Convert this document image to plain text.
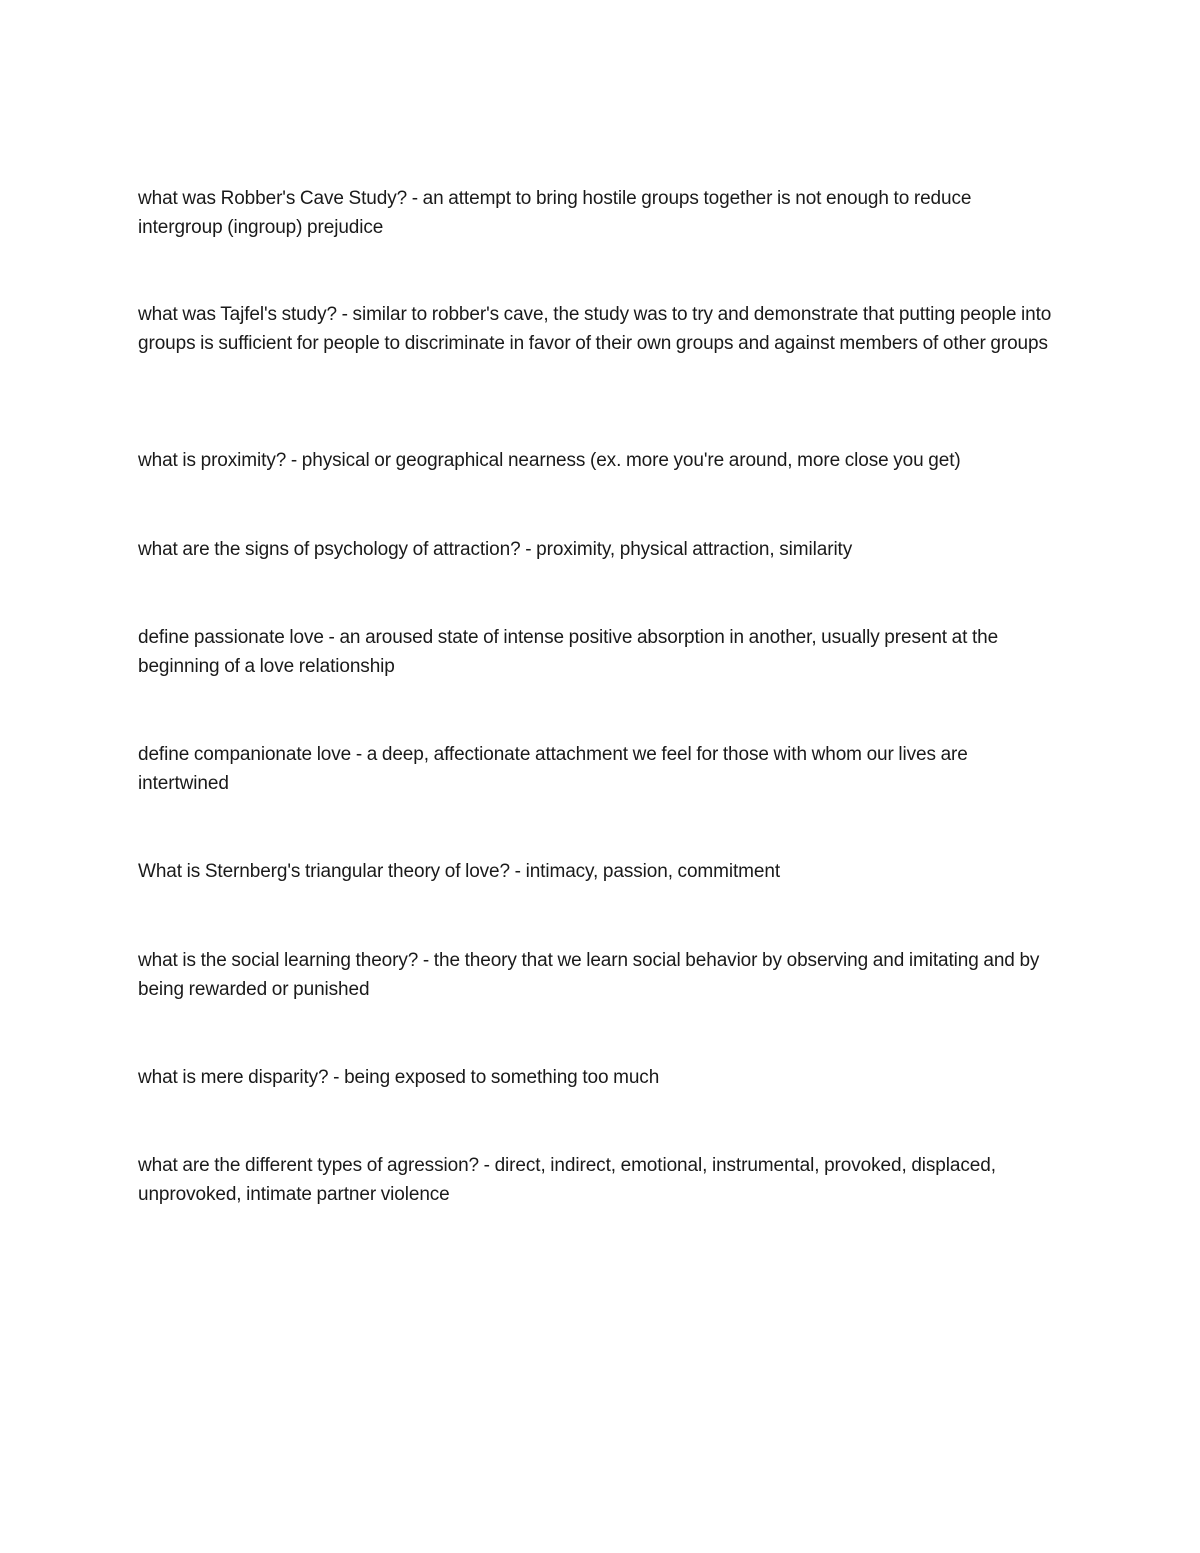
what was Robber's Cave Study? - an attempt to bring hostile groups together is not enough to reduce intergroup (ingroup) prejudice

what was Tajfel's study? - similar to robber's cave, the study was to try and demonstrate that putting people into groups is sufficient for people to discriminate in favor of their own groups and against members of other groups

what is proximity? - physical or geographical nearness (ex. more you're around, more close you get)

what are the signs of psychology of attraction? - proximity, physical attraction, similarity

define passionate love - an aroused state of intense positive absorption in another, usually present at the beginning of a love relationship

define companionate love - a deep, affectionate attachment we feel for those with whom our lives are intertwined

What is Sternberg's triangular theory of love? - intimacy, passion, commitment

what is the social learning theory? - the theory that we learn social behavior by observing and imitating and by being rewarded or punished

what is mere disparity? - being exposed to something too much

what are the different types of agression? - direct, indirect, emotional, instrumental, provoked, displaced, unprovoked, intimate partner violence
